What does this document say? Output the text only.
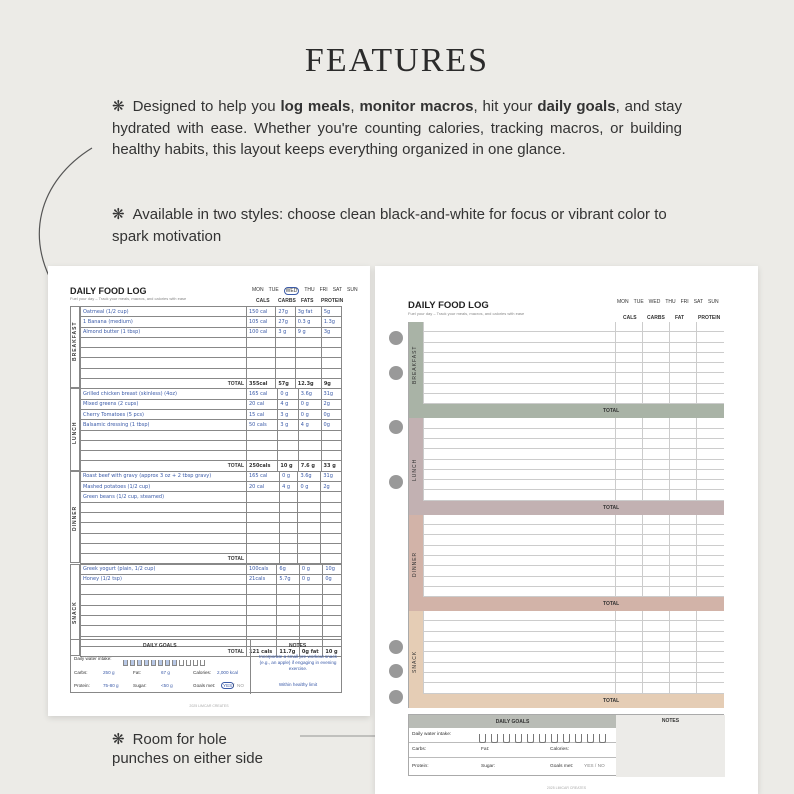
FEATURES
❋ Designed to help you log meals, monitor macros, hit your daily goals, and stay hydrated with ease. Whether you're counting calories, tracking macros, or building healthy habits, this layout keeps everything organized in one glance.
❋ Available in two styles: choose clean black-and-white for focus or vibrant color to spark motivation
❋ Room for hole
punches on either side
DAILY FOOD LOG
Fuel your day – Track your meals, macros, and calories with ease
MON TUE	WED	THU FRI SAT SUN
CALS CARBS FATS PROTEIN
BREAKFAST
Oatmeal (1/2 cup)	150 cal	27g	3g fat	5g
1 Banana (medium)	105 cal	27g	0.3 g	1.3g
Almond butter (1 tbsp)	100 cal	3 g	9 g	3g

TOTAL	355cal	57g	12.3g	9g
LUNCH
Grilled chicken breast (skinless) (4oz)	165 cal	0 g	3.6g	31g
Mixed greens (2 cups)	20 cal	4 g	0 g	2g
Cherry Tomatoes (5 pcs)	15 cal	3 g	0 g	0g
Balsamic dressing (1 tbsp)	50 cals	3 g	4 g	0g

TOTAL	250cals	10 g	7.6 g	33 g
DINNER
Roast beef with gravy (approx 3 oz + 2 tbsp gravy)	165 cal	0 g	3.6g	31g
Mashed potatoes (1/2 cup)	20 cal	4 g	0 g	2g
Green beans (1/2 cup, steamed)				

TOTAL				
SNACK
Greek yogurt (plain, 1/2 cup)	100cals	6g	0 g	10g
Honey (1/2 tsp)	21cals	5.7g	0 g	0g

TOTAL	121 cals	11.7g	0g fat	10 g
DAILY GOALS	NOTES
Daily water intake:
Carbs:	250 g	Fat:	67 g	Calories: 2,000 kcal
Protein:	75-80 g	Sugar:	<50 g	Goals met:	YES / NO
Incorporate a small pre-workout snack (e.g., an apple) if engaging in evening exercise.
Within healthy limit
2025 LIMCAR CREATES
DAILY FOOD LOG
Fuel your day – Track your meals, macros, and calories with ease
MON TUE WED THU FRI SAT SUN
CALS CARBS FAT	PROTEIN
BREAKFAST
TOTAL
LUNCH
TOTAL
DINNER
TOTAL
SNACK
TOTAL
DAILY GOALS	NOTES
Daily water intake:
Carbs:	Fat:	Calories:
Protein:	Sugar:	Goals met: YES / NO
2025 LIMCAR CREATES
